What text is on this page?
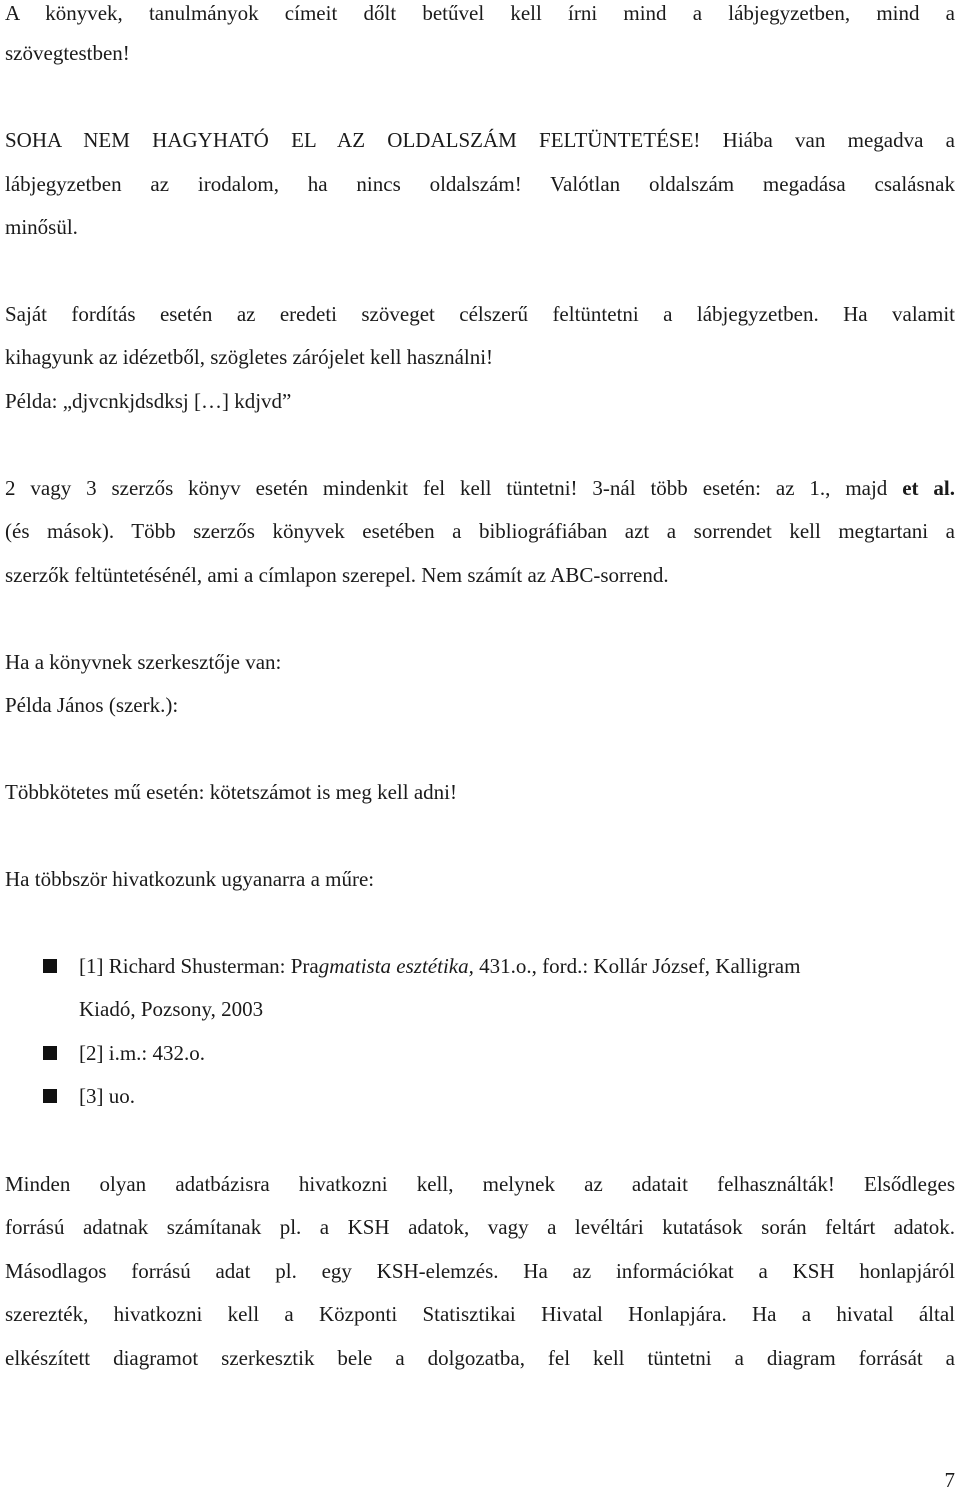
A könyvek, tanulmányok címeit dőlt betűvel kell írni mind a lábjegyzetben, mind a
szövegtestben!
SOHA NEM HAGYHATÓ EL AZ OLDALSZÁM FELTÜNTETÉSE! Hiába van megadva a
lábjegyzetben az irodalom, ha nincs oldalszám! Valótlan oldalszám megadása csalásnak
minősül.
Saját fordítás esetén az eredeti szöveget célszerű feltüntetni a lábjegyzetben. Ha valamit
kihagyunk az idézetből, szögletes zárójelet kell használni!
Példa: „djvcnkjdsdksj […] kdjvd”
2 vagy 3 szerzős könyv esetén mindenkit fel kell tüntetni! 3-nál több esetén: az 1., majd et al.
(és mások). Több szerzős könyvek esetében a bibliográfiában azt a sorrendet kell megtartani a
szerzők feltüntetésénél, ami a címlapon szerepel. Nem számít az ABC-sorrend.
Ha a könyvnek szerkesztője van:
Példa János (szerk.):
Többkötetes mű esetén: kötetszámot is meg kell adni!
Ha többször hivatkozunk ugyanarra a műre:
[1] Richard Shusterman: Pragmatista esztétika, 431.o., ford.: Kollár József, Kalligram
Kiadó, Pozsony, 2003
[2] i.m.: 432.o.
[3] uo.
Minden olyan adatbázisra hivatkozni kell, melynek az adatait felhasználták! Elsődleges
forrású adatnak számítanak pl. a KSH adatok, vagy a levéltári kutatások során feltárt adatok.
Másodlagos forrású adat pl. egy KSH-elemzés. Ha az információkat a KSH honlapjáról
szerezték, hivatkozni kell a Központi Statisztikai Hivatal Honlapjára. Ha a hivatal által
elkészített diagramot szerkesztik bele a dolgozatba, fel kell tüntetni a diagram forrását a
7
